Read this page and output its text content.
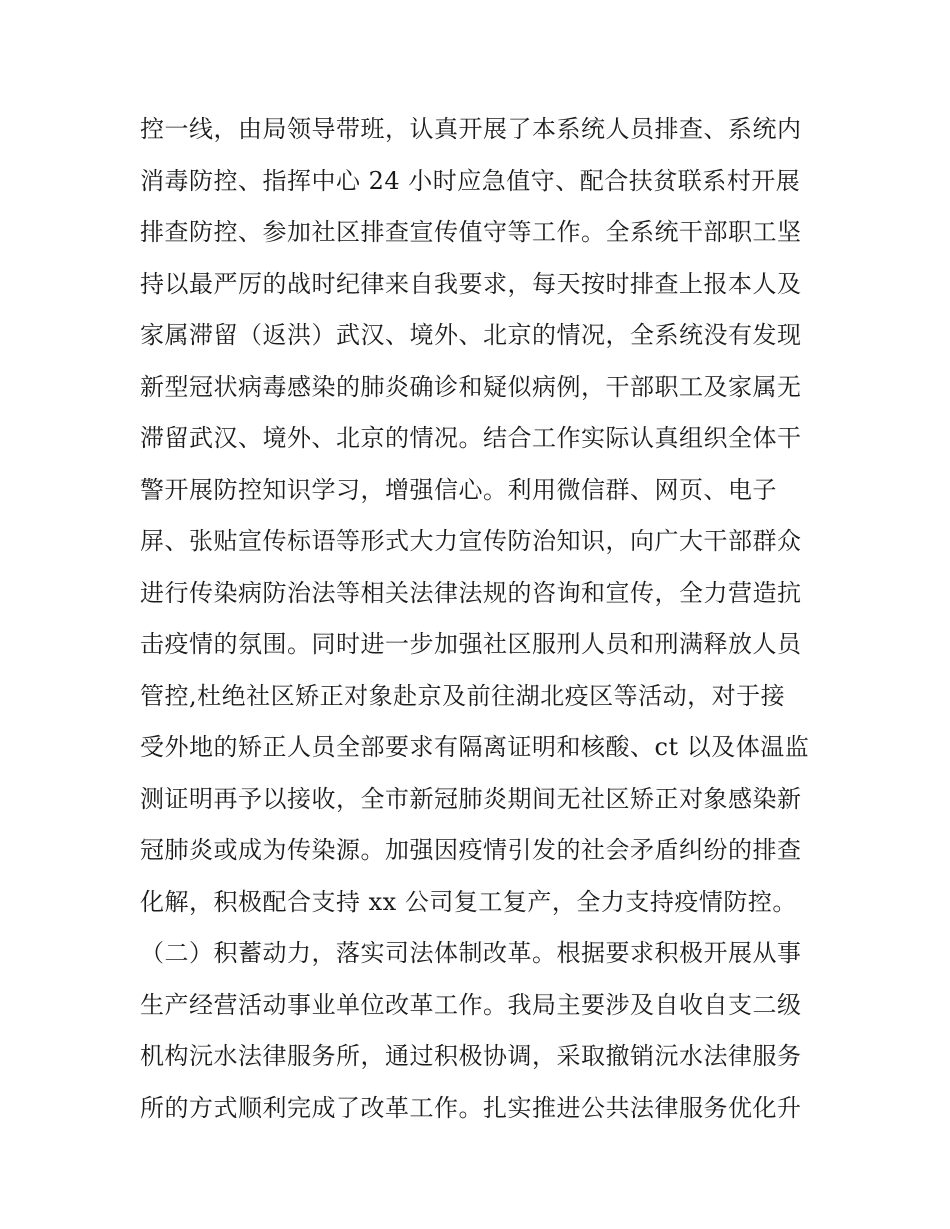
控一线，由局领导带班，认真开展了本系统人员排查、系统内
消毒防控、指挥中心 24 小时应急值守、配合扶贫联系村开展
排查防控、参加社区排查宣传值守等工作。全系统干部职工坚
持以最严厉的战时纪律来自我要求，每天按时排查上报本人及
家属滞留（返洪）武汉、境外、北京的情况，全系统没有发现
新型冠状病毒感染的肺炎确诊和疑似病例，干部职工及家属无
滞留武汉、境外、北京的情况。结合工作实际认真组织全体干
警开展防控知识学习，增强信心。利用微信群、网页、电子
屏、张贴宣传标语等形式大力宣传防治知识，向广大干部群众
进行传染病防治法等相关法律法规的咨询和宣传，全力营造抗
击疫情的氛围。同时进一步加强社区服刑人员和刑满释放人员
管控,杜绝社区矫正对象赴京及前往湖北疫区等活动，对于接
受外地的矫正人员全部要求有隔离证明和核酸、ct 以及体温监
测证明再予以接收，全市新冠肺炎期间无社区矫正对象感染新
冠肺炎或成为传染源。加强因疫情引发的社会矛盾纠纷的排查
化解，积极配合支持 xx 公司复工复产，全力支持疫情防控。
（二）积蓄动力，落实司法体制改革。根据要求积极开展从事
生产经营活动事业单位改革工作。我局主要涉及自收自支二级
机构沅水法律服务所，通过积极协调，采取撤销沅水法律服务
所的方式顺利完成了改革工作。扎实推进公共法律服务优化升
